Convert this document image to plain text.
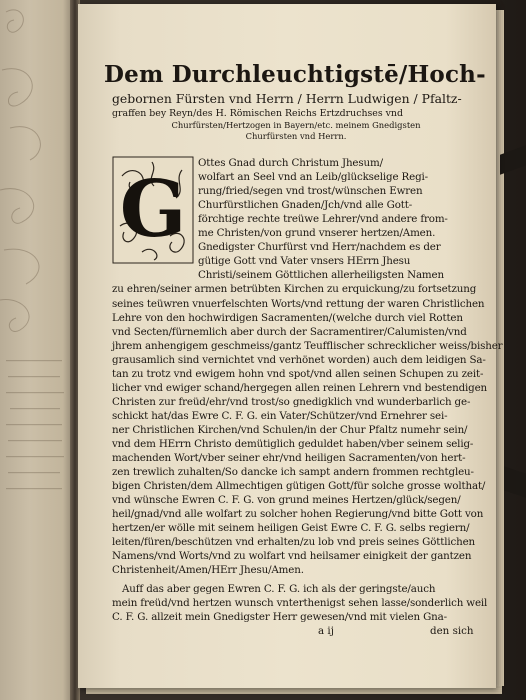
Dem Durchleuchtigstē/Hoch-
gebornen Fürsten vnd Herrn / Herrn Ludwigen / Pfaltz-
graffen bey Reyn/des H. Römischen Reichs Ertzdruchses vnd
Churfürsten/Hertzogen in Bayern/etc. meinem Gnedigsten
Churfürsten vnd Herrn.
G
Ottes Gnad durch Christum Jhesum/
wolfart an Seel vnd an Leib/glückselige Regi-
rung/fried/segen vnd trost/wünschen Ewren
Churfürstlichen Gnaden/Jch/vnd alle Gott-
förchtige rechte treüwe Lehrer/vnd andere from-
me Christen/von grund vnserer hertzen/Amen.
Gnedigster Churfürst vnd Herr/nachdem es der
gütige Gott vnd Vater vnsers HErrn Jhesu
Christi/seinem Göttlichen allerheiligsten Namen
zu ehren/seiner armen betrübten Kirchen zu erquickung/zu fortsetzung
seines teüwren vnuerfelschten Worts/vnd rettung der waren Christlichen
Lehre von den hochwirdigen Sacramenten/(welche durch viel Rotten
vnd Secten/fürnemlich aber durch der Sacramentirer/Calumisten/vnd
jhrem anhengigem geschmeiss/gantz Teufflischer schrecklicher weiss/bisher
grausamlich sind vernichtet vnd verhönet worden) auch dem leidigen Sa-
tan zu trotz vnd ewigem hohn vnd spot/vnd allen seinen Schupen zu zeit-
licher vnd ewiger schand/hergegen allen reinen Lehrern vnd bestendigen
Christen zur freüd/ehr/vnd trost/so gnedigklich vnd wunderbarlich ge-
schickt hat/das Ewre C. F. G. ein Vater/Schützer/vnd Ernehrer sei-
ner Christlichen Kirchen/vnd Schulen/in der Chur Pfaltz numehr sein/
vnd dem HErrn Christo demütiglich geduldet haben/vber seinem selig-
machenden Wort/vber seiner ehr/vnd heiligen Sacramenten/von hert-
zen trewlich zuhalten/So dancke ich sampt andern frommen rechtgleu-
bigen Christen/dem Allmechtigen gütigen Gott/für solche grosse wolthat/
vnd wünsche Ewren C. F. G. von grund meines Hertzen/glück/segen/
heil/gnad/vnd alle wolfart zu solcher hohen Regierung/vnd bitte Gott von
hertzen/er wölle mit seinem heiligen Geist Ewre C. F. G. selbs regiern/
leiten/füren/beschützen vnd erhalten/zu lob vnd preis seines Göttlichen
Namens/vnd Worts/vnd zu wolfart vnd heilsamer einigkeit der gantzen
Christenheit/Amen/HErr Jhesu/Amen.
Auff das aber gegen Ewren C. F. G. ich als der geringste/auch
mein freüd/vnd hertzen wunsch vnterthenigst sehen lasse/sonderlich weil
C. F. G. allzeit mein Gnedigster Herr gewesen/vnd mit vielen Gna-
a ij	den sich
